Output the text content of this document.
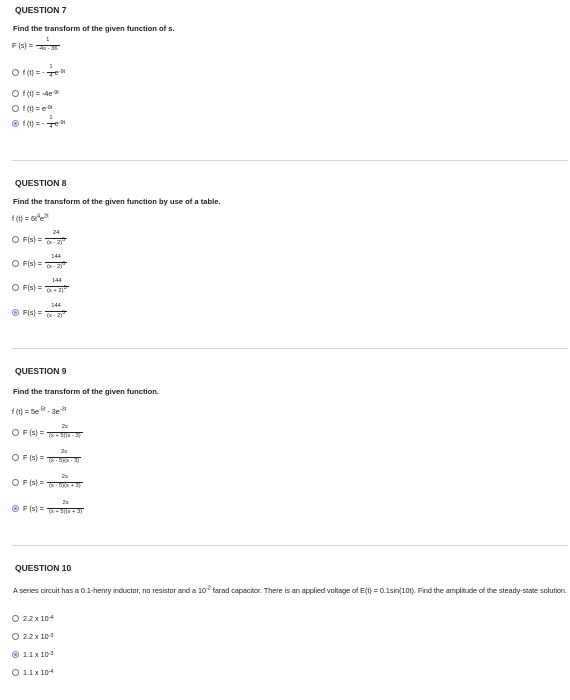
QUESTION 7
Find the transform of the given function of s.
F $(s) = \frac{1}{-4s - 36}$
f (t) = - $\frac{1}{4}$ e -9t
f (t) = -4e -9t
f (t) = e -9t
f (t) = - $\frac{1}{4}$ e -9t
QUESTION 8
Find the transform of the given function by use of a table.
f $(t) = 6t^4e^{2t}$
$F(s) = \frac{24}{(s - 2)^5}$
$F(s) = \frac{144}{(s - 2)^6}$
$F(s) = \frac{144}{(s + 2)^5}$
$F(s) = \frac{144}{(s - 2)^5}$
QUESTION 9
Find the transform of the given function.
f $(t) = 5e^{-5t} - 3e^{-3t}$
F $(s) = \frac{2s}{(s + 5)(s - 3)}$
F $(s) = \frac{2s}{(s - 5)(s - 3)}$
F $(s) = \frac{2s}{(s - 5)(s + 3)}$
F $(s) = \frac{2s}{(s + 5)(s + 3)}$
QUESTION 10
A series circuit has a 0.1-henry inductor, no resistor and a $10^{-2}$ farad capacitor. There is an applied voltage of E(t) = 0.1sin(10t). Find the amplitude of the steady-state solution.
2.2 x 10 -4
2.2 x 10 -3
1.1 x 10 -3
1.1 x 10 -4
